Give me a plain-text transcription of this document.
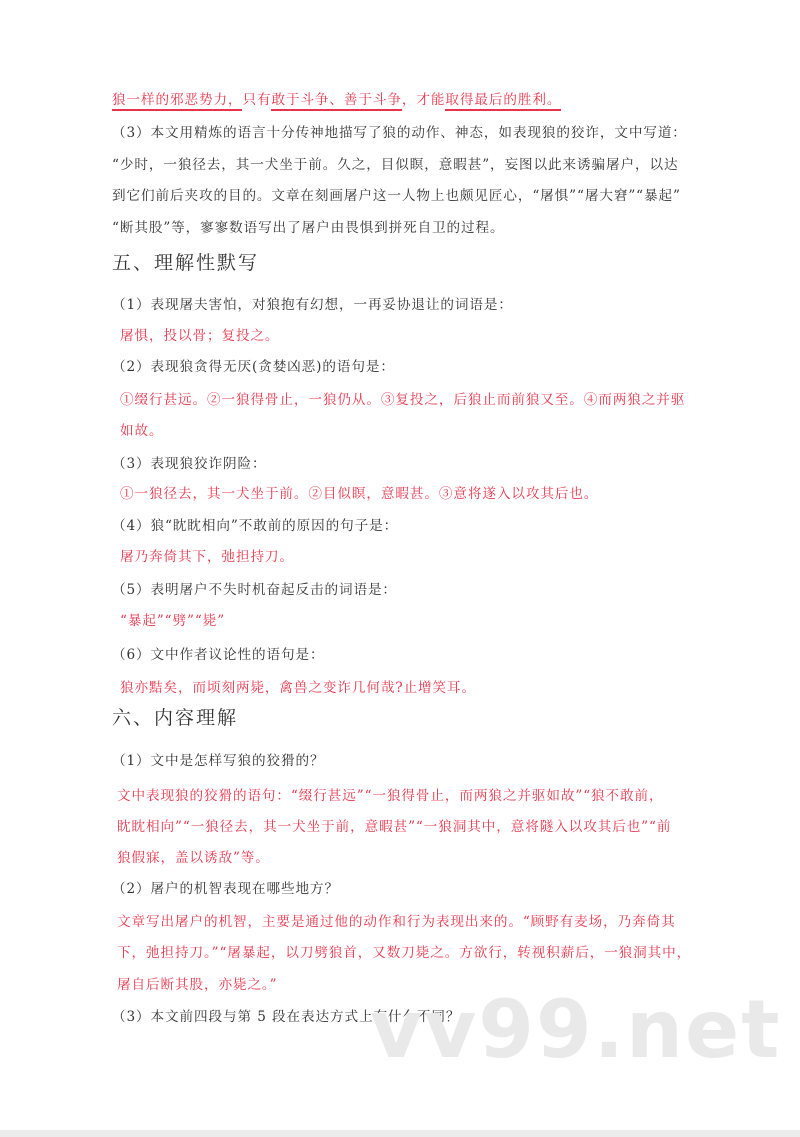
狼一样的邪恶势力，只有敢于斗争、善于斗争，才能取得最后的胜利。
（3）本文用精炼的语言十分传神地描写了狼的动作、神态，如表现狼的狡诈，文中写道：
“少时，一狼径去，其一犬坐于前。久之，目似瞑，意暇甚”，妄图以此来诱骗屠户，以达
到它们前后夹攻的目的。文章在刻画屠户这一人物上也颇见匠心，“屠惧”“屠大窘”“暴起”
“断其股”等，寥寥数语写出了屠户由畏惧到拼死自卫的过程。
五、理解性默写
（1）表现屠夫害怕，对狼抱有幻想，一再妥协退让的词语是：
屠惧，投以骨；复投之。
（2）表现狼贪得无厌(贪婪凶恶)的语句是：
①缀行甚远。②一狼得骨止，一狼仍从。③复投之，后狼止而前狼又至。④而两狼之并驱
如故。
（3）表现狼狡诈阴险：
①一狼径去，其一犬坐于前。②目似瞑，意暇甚。③意将遂入以攻其后也。
（4）狼“眈眈相向”不敢前的原因的句子是：
屠乃奔倚其下，弛担持刀。
（5）表明屠户不失时机奋起反击的词语是：
“暴起”“劈”“毙”
（6）文中作者议论性的语句是：
狼亦黠矣，而顷刻两毙，禽兽之变诈几何哉?止增笑耳。
六、内容理解
（1）文中是怎样写狼的狡猾的？
文中表现狼的狡猾的语句：“缀行甚远”“一狼得骨止，而两狼之并驱如故”“狼不敢前，
眈眈相向”“一狼径去，其一犬坐于前，意暇甚”“一狼洞其中，意将隧入以攻其后也”“前
狼假寐，盖以诱敌”等。
（2）屠户的机智表现在哪些地方？
文章写出屠户的机智，主要是通过他的动作和行为表现出来的。“顾野有麦场，乃奔倚其
下，弛担持刀。”“屠暴起，以刀劈狼首，又数刀毙之。方欲行，转视积薪后，一狼洞其中，
屠自后断其股，亦毙之。”
（3）本文前四段与第 5 段在表达方式上有什么不同？
vv99.net
